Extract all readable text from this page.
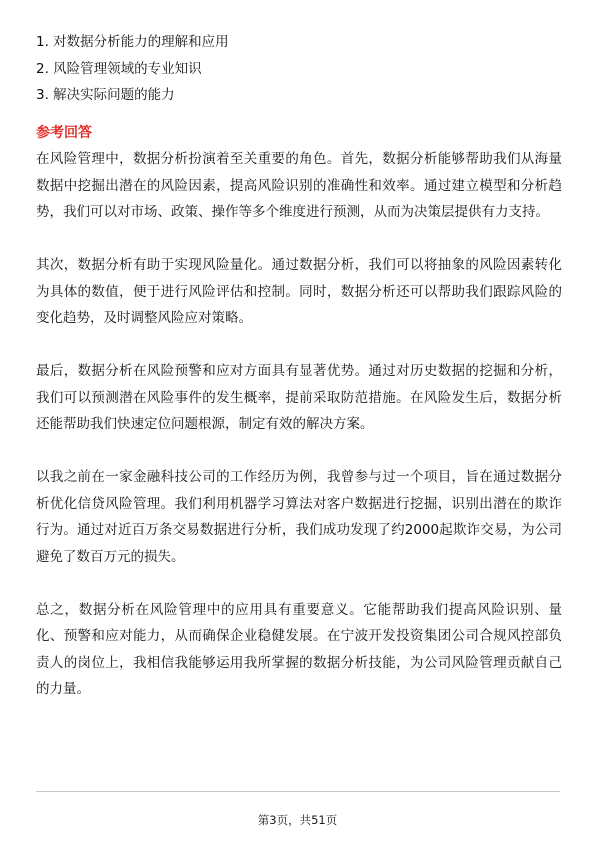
1. 对数据分析能力的理解和应用
2. 风险管理领域的专业知识
3. 解决实际问题的能力
参考回答

在风险管理中，数据分析扮演着至关重要的角色。首先，数据分析能够帮助我们从海量数据中挖掘出潜在的风险因素，提高风险识别的准确性和效率。通过建立模型和分析趋势，我们可以对市场、政策、操作等多个维度进行预测，从而为决策层提供有力支持。

其次，数据分析有助于实现风险量化。通过数据分析，我们可以将抽象的风险因素转化为具体的数值，便于进行风险评估和控制。同时，数据分析还可以帮助我们跟踪风险的变化趋势，及时调整风险应对策略。

最后，数据分析在风险预警和应对方面具有显著优势。通过对历史数据的挖掘和分析，我们可以预测潜在风险事件的发生概率，提前采取防范措施。在风险发生后，数据分析还能帮助我们快速定位问题根源，制定有效的解决方案。

以我之前在一家金融科技公司的工作经历为例，我曾参与过一个项目，旨在通过数据分析优化信贷风险管理。我们利用机器学习算法对客户数据进行挖掘，识别出潜在的欺诈行为。通过对近百万条交易数据进行分析，我们成功发现了约2000起欺诈交易，为公司避免了数百万元的损失。

总之，数据分析在风险管理中的应用具有重要意义。它能帮助我们提高风险识别、量化、预警和应对能力，从而确保企业稳健发展。在宁波开发投资集团公司合规风控部负责人的岗位上，我相信我能够运用我所掌握的数据分析技能，为公司风险管理贡献自己的力量。

第3页，共51页
